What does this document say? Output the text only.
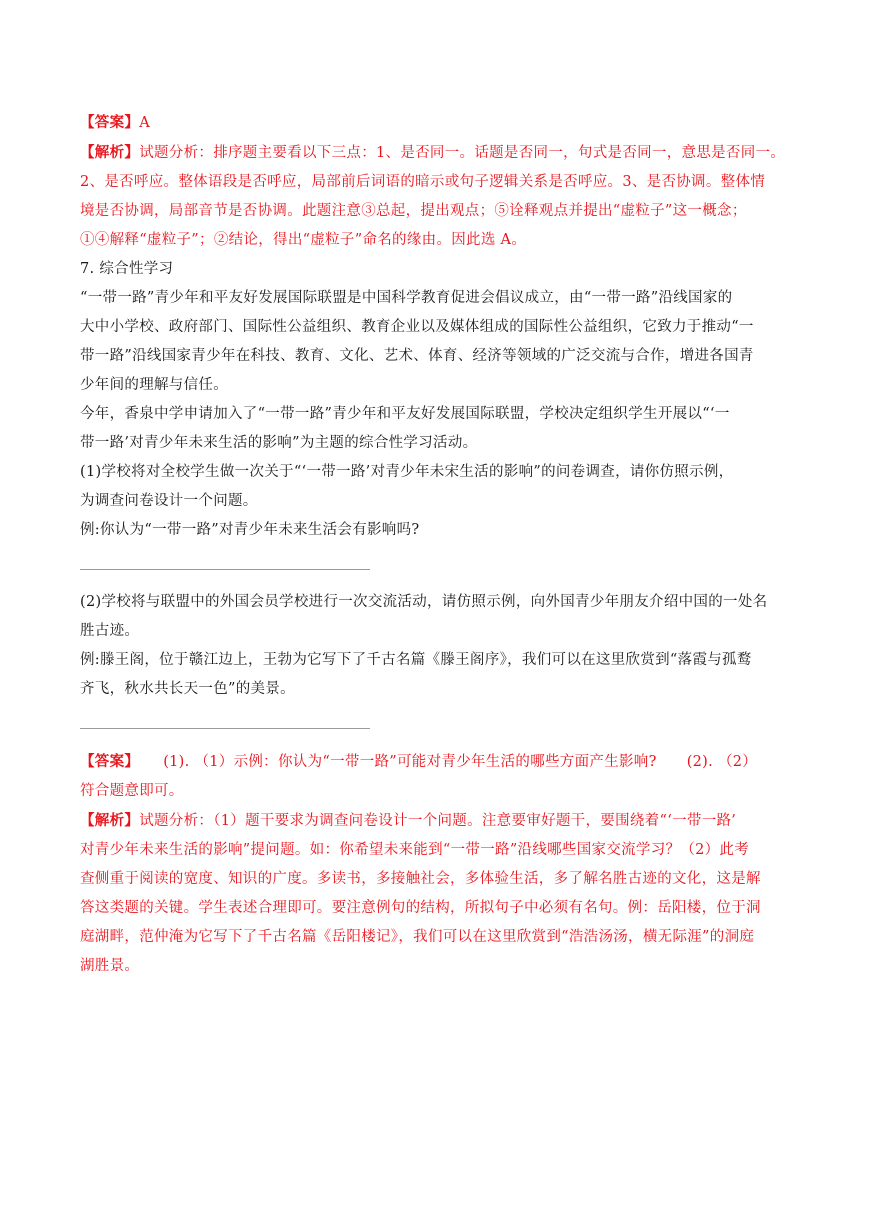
【答案】A
【解析】试题分析：排序题主要看以下三点：1、是否同一。话题是否同一，句式是否同一，意思是否同一。
2、是否呼应。整体语段是否呼应，局部前后词语的暗示或句子逻辑关系是否呼应。3、是否协调。整体情
境是否协调，局部音节是否协调。此题注意③总起，提出观点；⑤诠释观点并提出“虚粒子”这一概念；
①④解释“虚粒子”；②结论，得出“虚粒子”命名的缘由。因此选 A。
7. 综合性学习
“一带一路”青少年和平友好发展国际联盟是中国科学教育促进会倡议成立，由“一带一路”沿线国家的
大中小学校、政府部门、国际性公益组织、教育企业以及媒体组成的国际性公益组织，它致力于推动“一
带一路”沿线国家青少年在科技、教育、文化、艺术、体育、经济等领域的广泛交流与合作，增进各国青
少年间的理解与信任。
今年，香泉中学申请加入了“一带一路”青少年和平友好发展国际联盟，学校决定组织学生开展以“‘一
带一路’对青少年未来生活的影响”为主题的综合性学习活动。
(1)学校将对全校学生做一次关于“‘一带一路’对青少年未宋生活的影响”的问卷调查，请你仿照示例，
为调查问卷设计一个问题。
例:你认为“一带一路”对青少年未来生活会有影响吗?
(2)学校将与联盟中的外国会员学校进行一次交流活动，请仿照示例，向外国青少年朋友介绍中国的一处名
胜古迹。
例:滕王阁，位于赣江边上，王勃为它写下了千古名篇《滕王阁序》，我们可以在这里欣赏到“落霞与孤鹜
齐飞，秋水共长天一色”的美景。
【答案】 (1). （1）示例：你认为“一带一路”可能对青少年生活的哪些方面产生影响? (2). （2）
符合题意即可。
【解析】试题分析：（1）题干要求为调查问卷设计一个问题。注意要审好题干，要围绕着“‘一带一路’
对青少年未来生活的影响”提问题。如：你希望未来能到“一带一路”沿线哪些国家交流学习？（2）此考
查侧重于阅读的宽度、知识的广度。多读书，多接触社会，多体验生活，多了解名胜古迹的文化，这是解
答这类题的关键。学生表述合理即可。要注意例句的结构，所拟句子中必须有名句。例：岳阳楼，位于洞
庭湖畔，范仲淹为它写下了千古名篇《岳阳楼记》，我们可以在这里欣赏到“浩浩汤汤，横无际涯”的洞庭
湖胜景。
